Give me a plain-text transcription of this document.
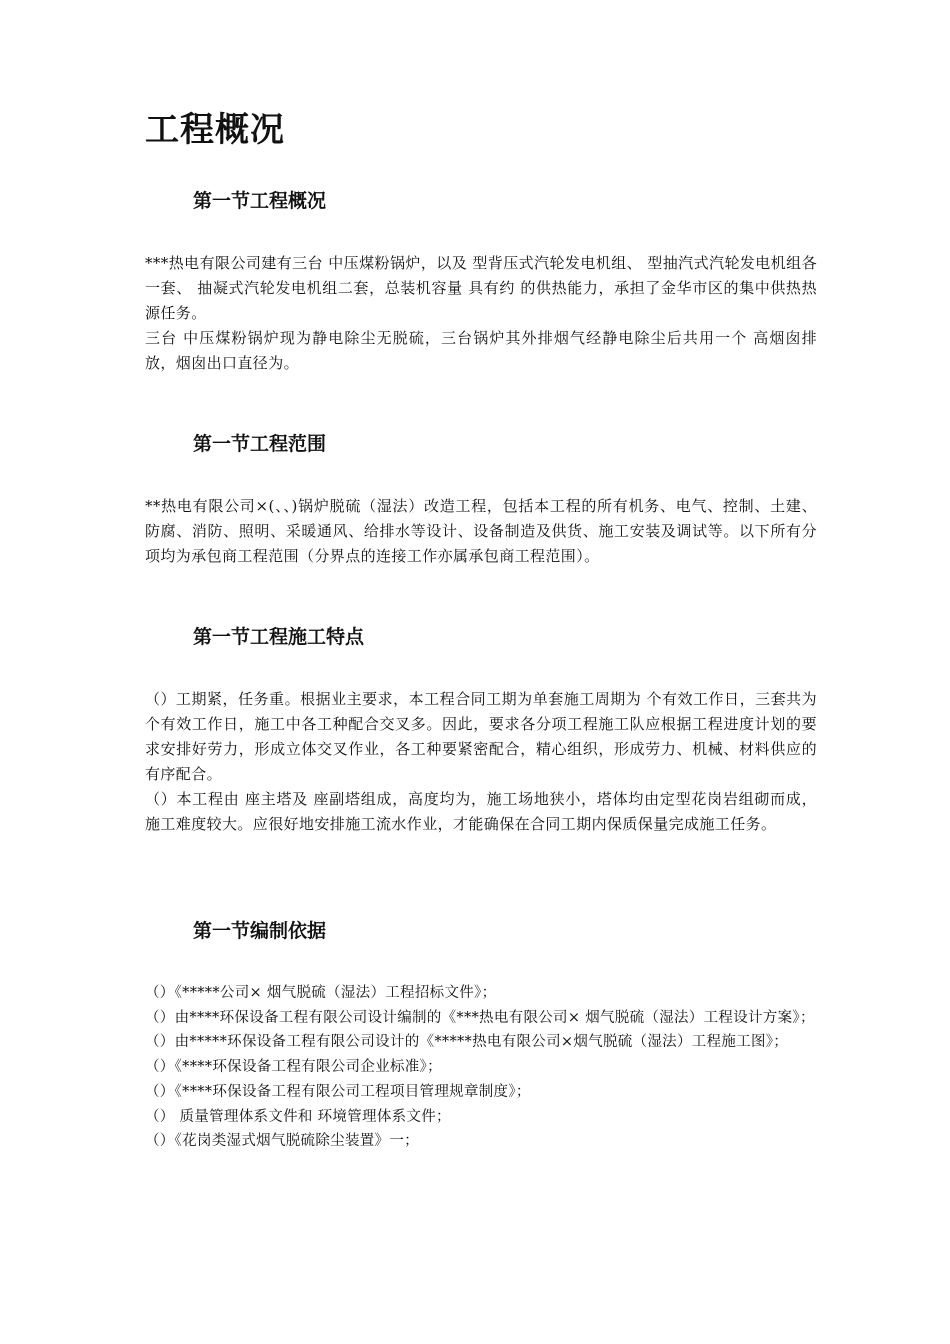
工程概况
第一节工程概况

***热电有限公司建有三台 中压煤粉锅炉，以及 型背压式汽轮发电机组、 型抽汽式汽轮发电机组各一套、 抽凝式汽轮发电机组二套，总装机容量 具有约 的供热能力，承担了金华市区的集中供热热源任务。

三台 中压煤粉锅炉现为静电除尘无脱硫，三台锅炉其外排烟气经静电除尘后共用一个 高烟囱排放，烟囱出口直径为。

第一节工程范围

**热电有限公司×(、、)锅炉脱硫（湿法）改造工程，包括本工程的所有机务、电气、控制、土建、防腐、消防、照明、采暖通风、给排水等设计、设备制造及供货、施工安装及调试等。以下所有分项均为承包商工程范围（分界点的连接工作亦属承包商工程范围）。

第一节工程施工特点

（）工期紧，任务重。根据业主要求，本工程合同工期为单套施工周期为 个有效工作日，三套共为 个有效工作日，施工中各工种配合交叉多。因此，要求各分项工程施工队应根据工程进度计划的要求安排好劳力，形成立体交叉作业，各工种要紧密配合，精心组织，形成劳力、机械、材料供应的有序配合。

（）本工程由 座主塔及 座副塔组成，高度均为，施工场地狭小，塔体均由定型花岗岩组砌而成，施工难度较大。应很好地安排施工流水作业，才能确保在合同工期内保质保量完成施工任务。

第一节编制依据

（）《*****公司× 烟气脱硫（湿法）工程招标文件》；

（）由****环保设备工程有限公司设计编制的《***热电有限公司× 烟气脱硫（湿法）工程设计方案》；

（）由*****环保设备工程有限公司设计的《*****热电有限公司×烟气脱硫（湿法）工程施工图》；

（）《****环保设备工程有限公司企业标准》；

（）《****环保设备工程有限公司工程项目管理规章制度》；

（） 质量管理体系文件和 环境管理体系文件；

（）《花岗类湿式烟气脱硫除尘装置》一；
